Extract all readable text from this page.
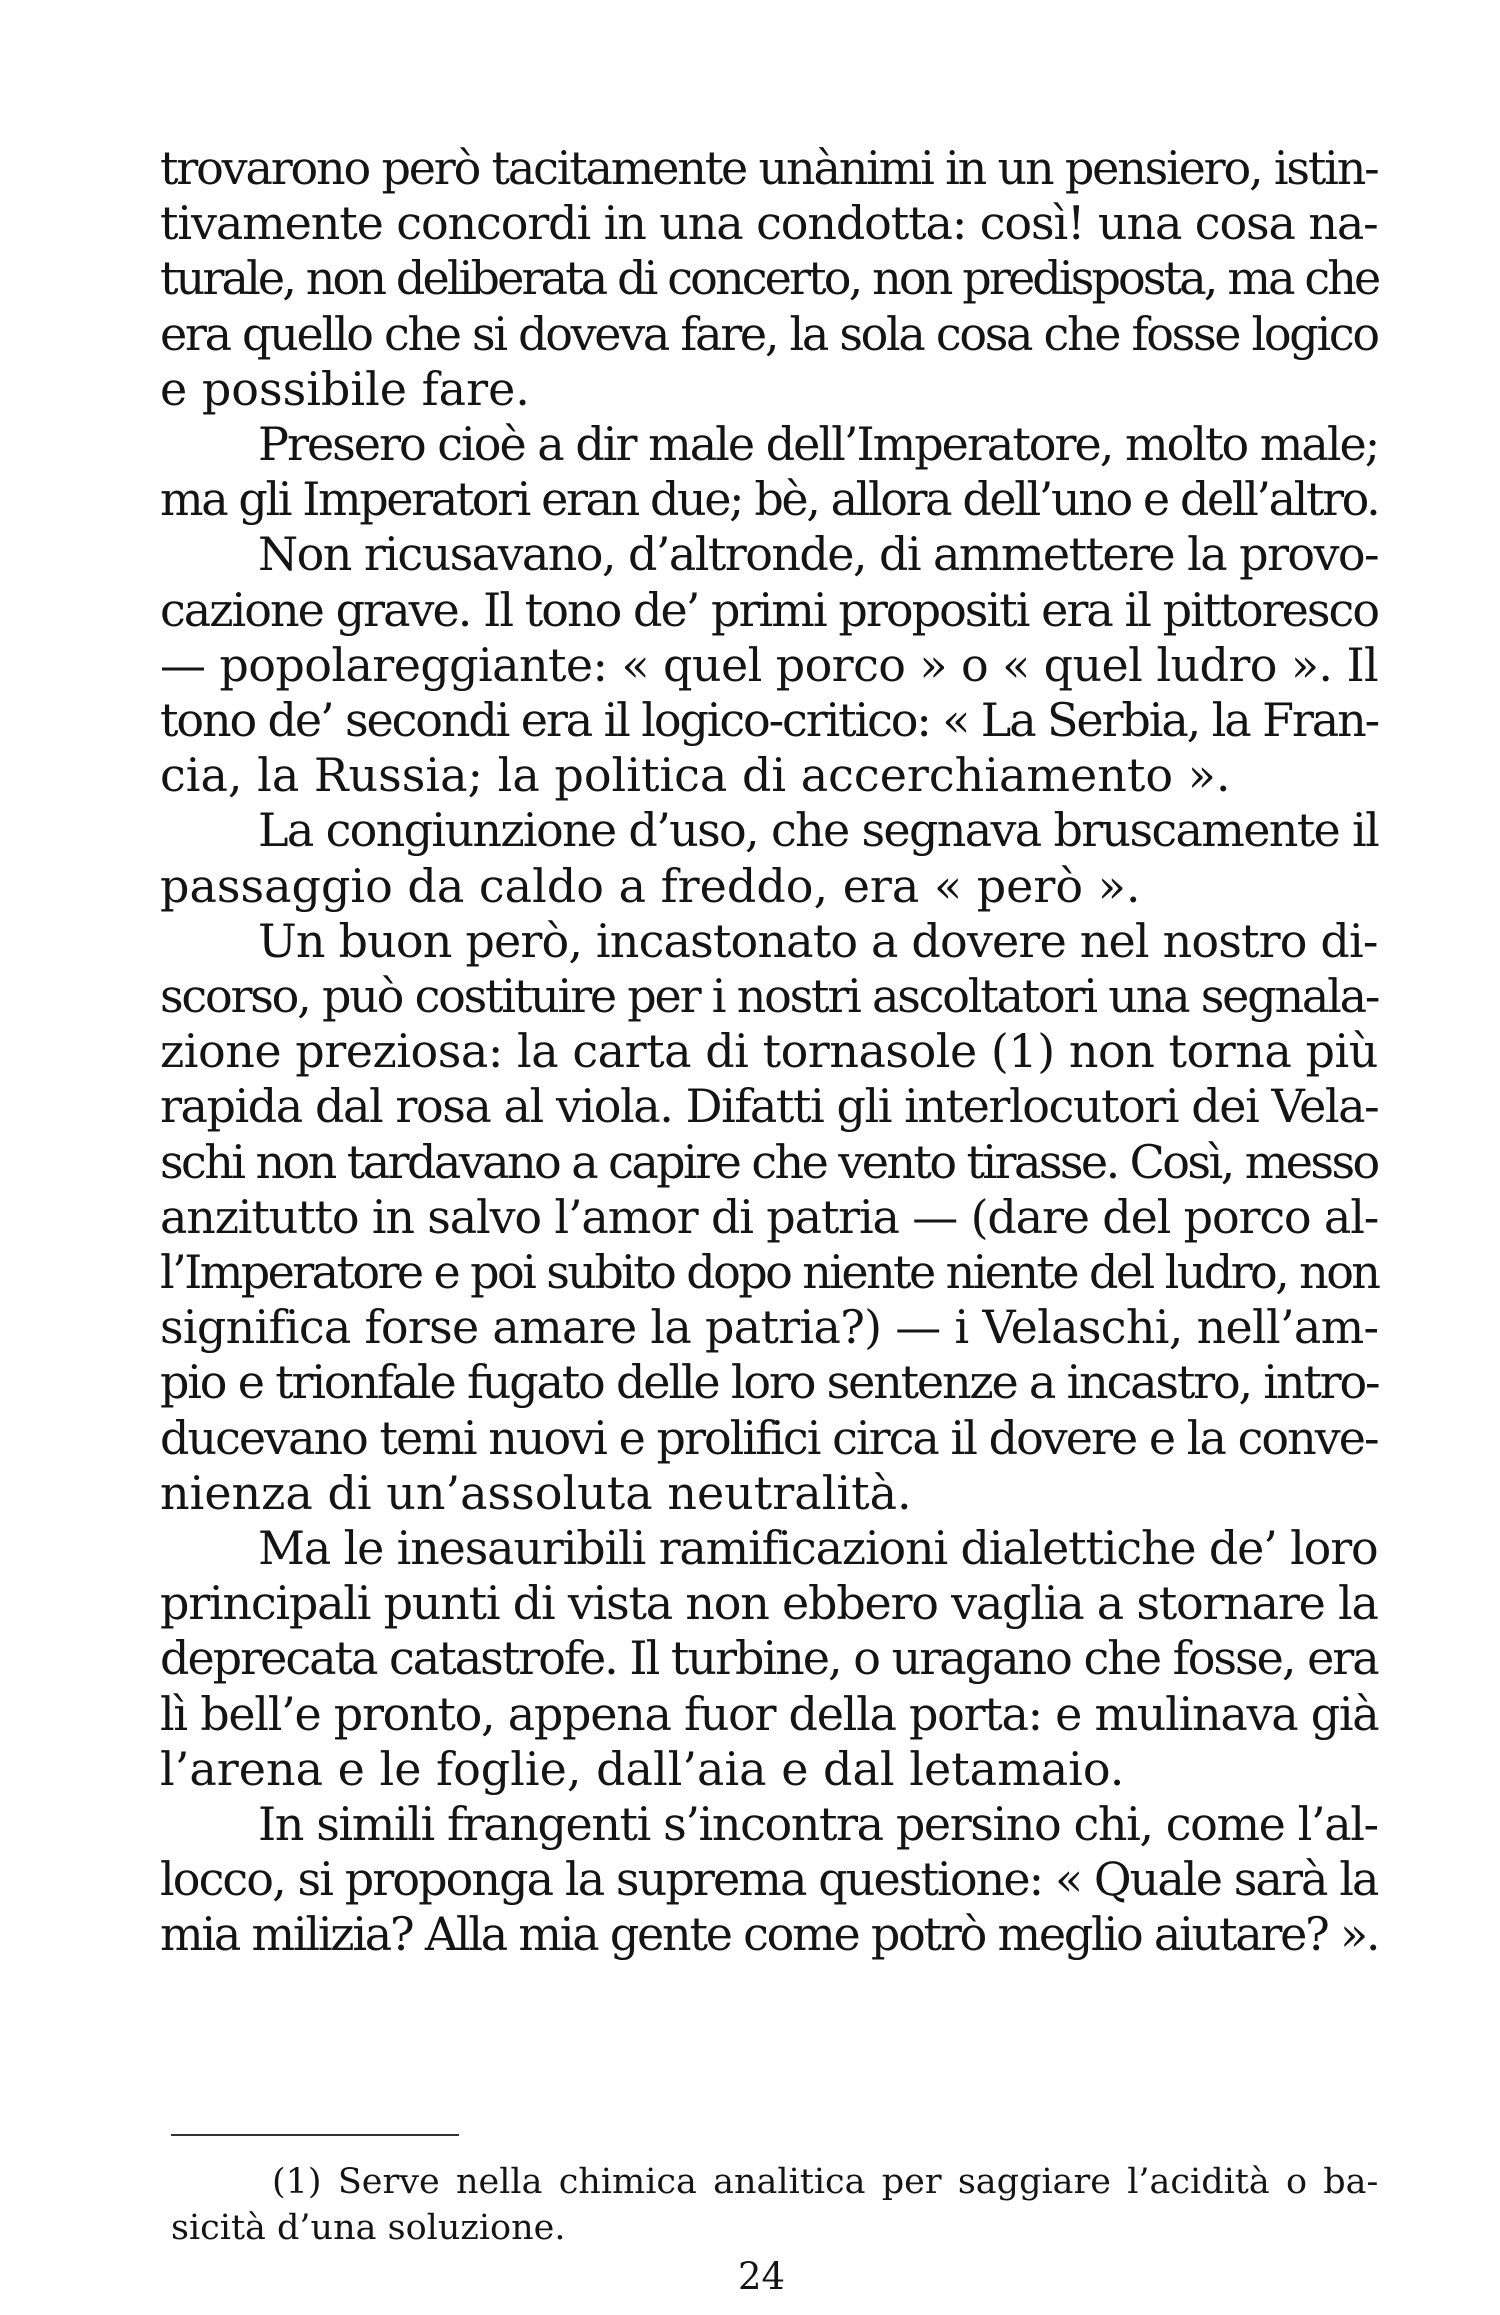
trovarono però tacitamente unànimi in un pensiero, istin-
tivamente concordi in una condotta: così! una cosa na-
turale, non deliberata di concerto, non predisposta, ma che
era quello che si doveva fare, la sola cosa che fosse logico
e possibile fare.
Presero cioè a dir male dell’Imperatore, molto male;
ma gli Imperatori eran due; bè, allora dell’uno e dell’altro.
Non ricusavano, d’altronde, di ammettere la provo-
cazione grave. Il tono de’ primi propositi era il pittoresco
— popolareggiante: « quel porco » o « quel ludro ». Il
tono de’ secondi era il logico-critico: « La Serbia, la Fran-
cia, la Russia; la politica di accerchiamento ».
La congiunzione d’uso, che segnava bruscamente il
passaggio da caldo a freddo, era « però ».
Un buon però, incastonato a dovere nel nostro di-
scorso, può costituire per i nostri ascoltatori una segnala-
zione preziosa: la carta di tornasole (1) non torna più
rapida dal rosa al viola. Difatti gli interlocutori dei Vela-
schi non tardavano a capire che vento tirasse. Così, messo
anzitutto in salvo l’amor di patria — (dare del porco al-
l’Imperatore e poi subito dopo niente niente del ludro, non
significa forse amare la patria?) — i Velaschi, nell’am-
pio e trionfale fugato delle loro sentenze a incastro, intro-
ducevano temi nuovi e prolifici circa il dovere e la conve-
nienza di un’assoluta neutralità.
Ma le inesauribili ramificazioni dialettiche de’ loro
principali punti di vista non ebbero vaglia a stornare la
deprecata catastrofe. Il turbine, o uragano che fosse, era
lì bell’e pronto, appena fuor della porta: e mulinava già
l’arena e le foglie, dall’aia e dal letamaio.
In simili frangenti s’incontra persino chi, come l’al-
locco, si proponga la suprema questione: « Quale sarà la
mia milizia? Alla mia gente come potrò meglio aiutare? ».
(1) Serve nella chimica analitica per saggiare l’acidità o ba-
sicità d’una soluzione.
24
